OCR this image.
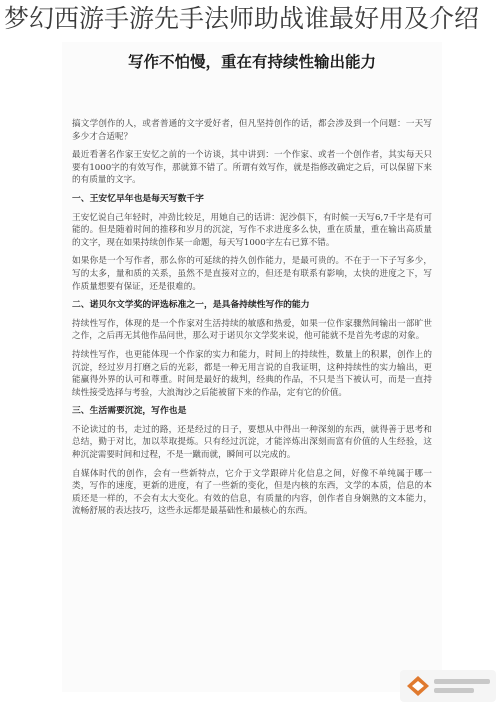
梦幻西游手游先手法师助战谁最好用及介绍
写作不怕慢，重在有持续性输出能力
搞文学创作的人，或者普通的文字爱好者，但凡坚持创作的话，都会涉及到一个问题：一天写多少才合适呢？
最近看著名作家王安忆之前的一个访谈，其中讲到：一个作家、或者一个创作者，其实每天只要有1000字的有效写作，那就算不错了。所谓有效写作，就是指修改确定之后，可以保留下来的有质量的文字。
一、王安忆早年也是每天写数千字
王安忆说自己年轻时，冲劲比较足，用她自己的话讲：泥沙俱下，有时候一天写6,7千字是有可能的。但是随着时间的推移和岁月的沉淀，写作不求进度多么快，重在质量，重在输出高质量的文字，现在如果持续创作某一命题，每天写1000字左右已算不错。
如果你是一个写作者，那么你的可延续的持久创作能力，是最可贵的。不在于一下子写多少，写的太多，量和质的关系，虽然不是直接对立的，但还是有联系有影响，太快的进度之下，写作质量想要有保证，还是很难的。
二、诺贝尔文学奖的评选标准之一，是具备持续性写作的能力
持续性写作，体现的是一个作家对生活持续的敏感和热爱，如果一位作家骤然间输出一部旷世之作，之后再无其他作品问世，那么对于诺贝尔文学奖来说，他可能就不是首先考虑的对象。
持续性写作，也更能体现一个作家的实力和能力，时间上的持续性，数量上的积累，创作上的沉淀，经过岁月打磨之后的光彩，都是一种无用言说的自我证明，这种持续性的实力输出，更能赢得外界的认可和尊重。时间是最好的裁判，经典的作品，不只是当下被认可，而是一直持续性接受选择与考验，大浪淘沙之后能被留下来的作品，定有它的价值。
三、生活需要沉淀，写作也是
不论读过的书，走过的路，还是经过的日子，要想从中得出一种深刻的东西，就得善于思考和总结，勤于对比，加以萃取提炼。只有经过沉淀，才能淬炼出深刻而富有价值的人生经验，这种沉淀需要时间和过程，不是一蹴而就，瞬间可以完成的。
自媒体时代的创作，会有一些新特点，它介于文学跟碎片化信息之间，好像不单纯属于哪一类，写作的速度，更新的进度，有了一些新的变化，但是内核的东西，文学的本质，信息的本质还是一样的，不会有太大变化。有效的信息，有质量的内容，创作者自身娴熟的文本能力，流畅舒展的表达技巧，这些永远都是最基础性和最核心的东西。
